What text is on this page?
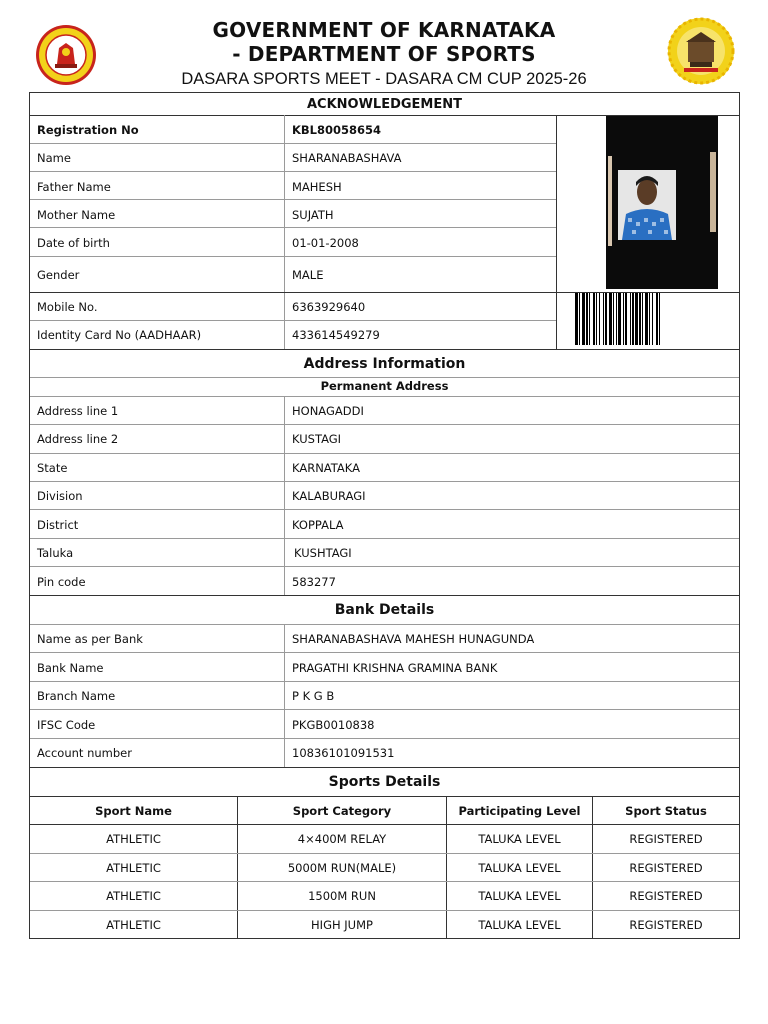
GOVERNMENT OF KARNATAKA
- DEPARTMENT OF SPORTS
DASARA SPORTS MEET - DASARA CM CUP 2025-26
ACKNOWLEDGEMENT
Registration No	KBL80058654
Name	SHARANABASHAVA
Father Name	MAHESH
Mother Name	SUJATH
Date of birth	01-01-2008
Gender	MALE
Mobile No.	6363929640
Identity Card No (AADHAAR)	433614549279
Address Information
Permanent Address
Address line 1	HONAGADDI
Address line 2	KUSTAGI
State	KARNATAKA
Division	KALABURAGI
District	KOPPALA
Taluka	KUSHTAGI
Pin code	583277
Bank Details
Name as per Bank	SHARANABASHAVA MAHESH HUNAGUNDA
Bank Name	PRAGATHI KRISHNA GRAMINA BANK
Branch Name	P K G B
IFSC Code	PKGB0010838
Account number	10836101091531
Sports Details
Sport Name	Sport Category	Participating Level	Sport Status
ATHLETIC	4×400M RELAY	TALUKA LEVEL	REGISTERED
ATHLETIC	5000M RUN(MALE)	TALUKA LEVEL	REGISTERED
ATHLETIC	1500M RUN	TALUKA LEVEL	REGISTERED
ATHLETIC	HIGH JUMP	TALUKA LEVEL	REGISTERED
